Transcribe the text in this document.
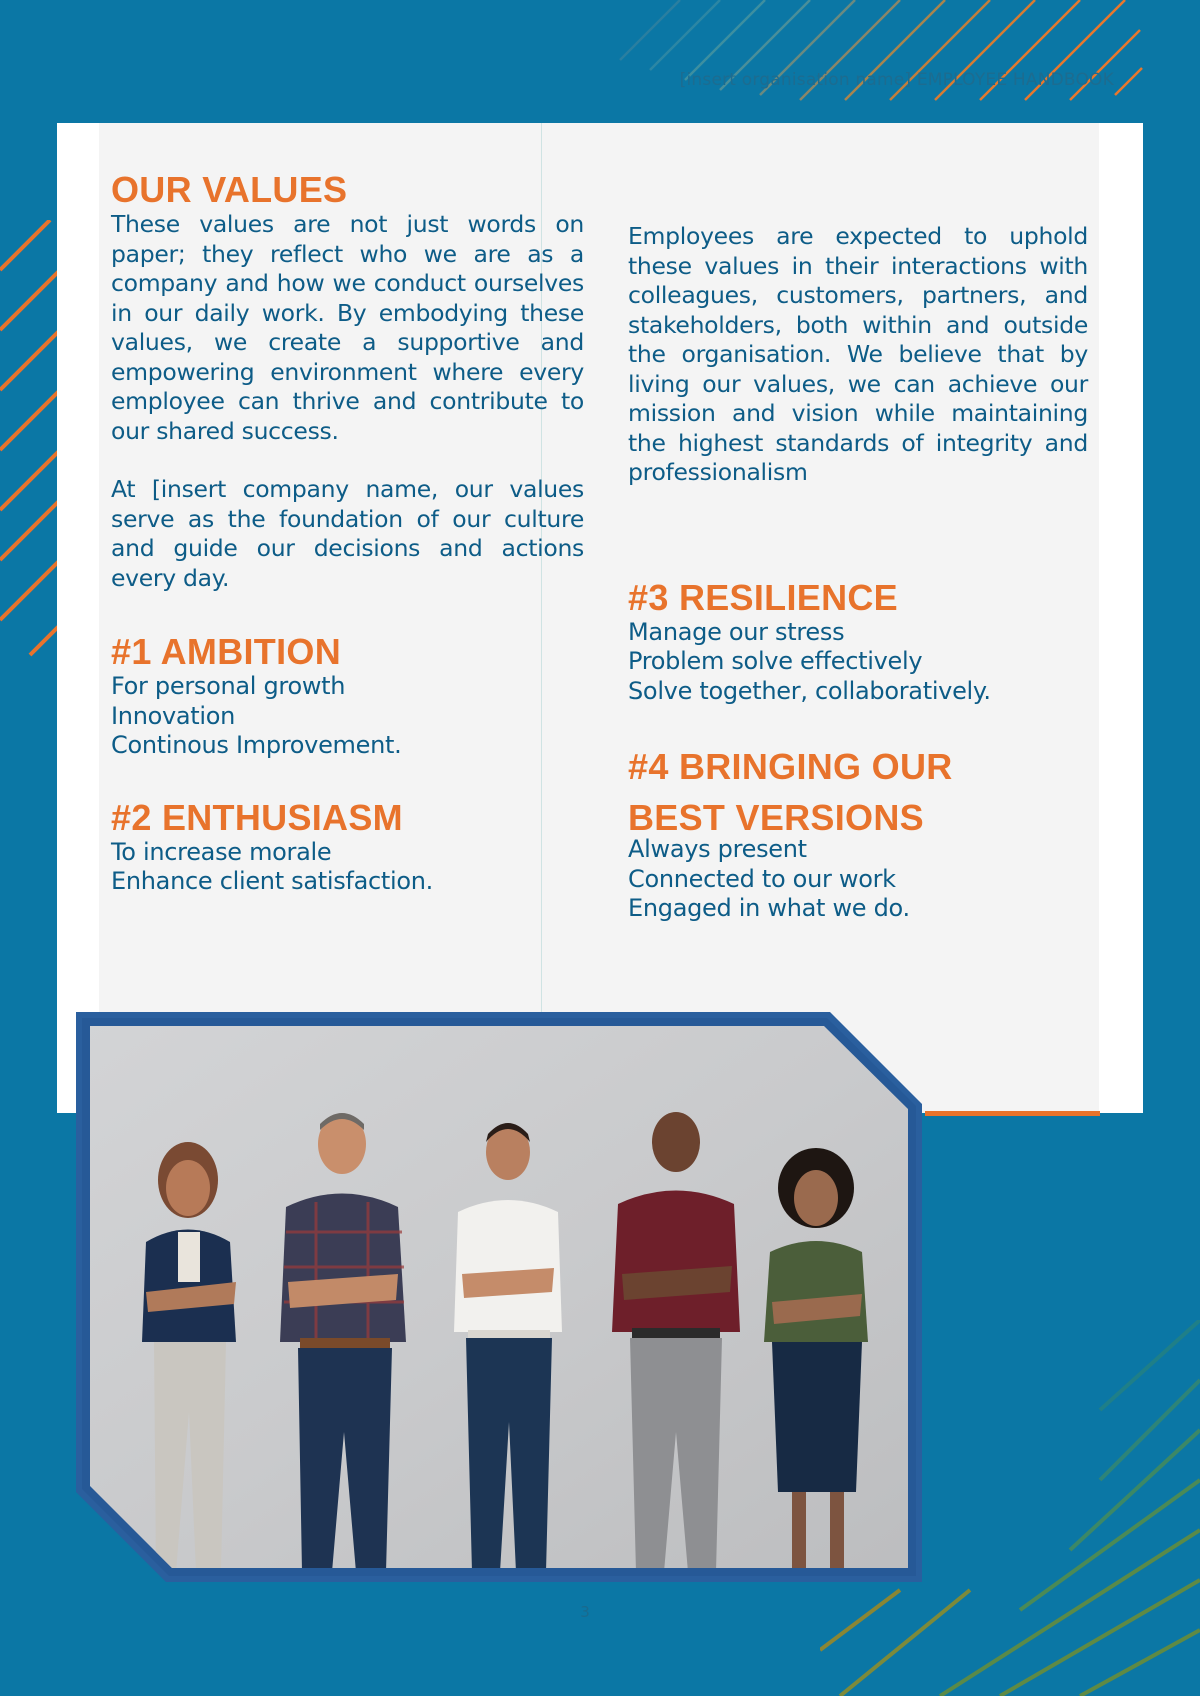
[insert organisation name] EMPLOYEE HANDBOOK
OUR VALUES

These values are not just words on paper; they reflect who we are as a company and how we conduct ourselves in our daily work. By embodying these values, we create a supportive and empowering environment where every employee can thrive and contribute to our shared success.

At [insert company name, our values serve as the foundation of our culture and guide our decisions and actions every day.

#1 AMBITION
For personal growth
Innovation
Continous Improvement.
#2 ENTHUSIASM
To increase morale
Enhance client satisfaction.

Employees are expected to uphold these values in their interactions with colleagues, customers, partners, and stakeholders, both within and outside the organisation. We believe that by living our values, we can achieve our mission and vision while maintaining the highest standards of integrity and professionalism

#3 RESILIENCE
Manage our stress
Problem solve effectively
Solve together, collaboratively.
#4 BRINGING OUR
BEST VERSIONS
Always present
Connected to our work
Engaged in what we do.
3
